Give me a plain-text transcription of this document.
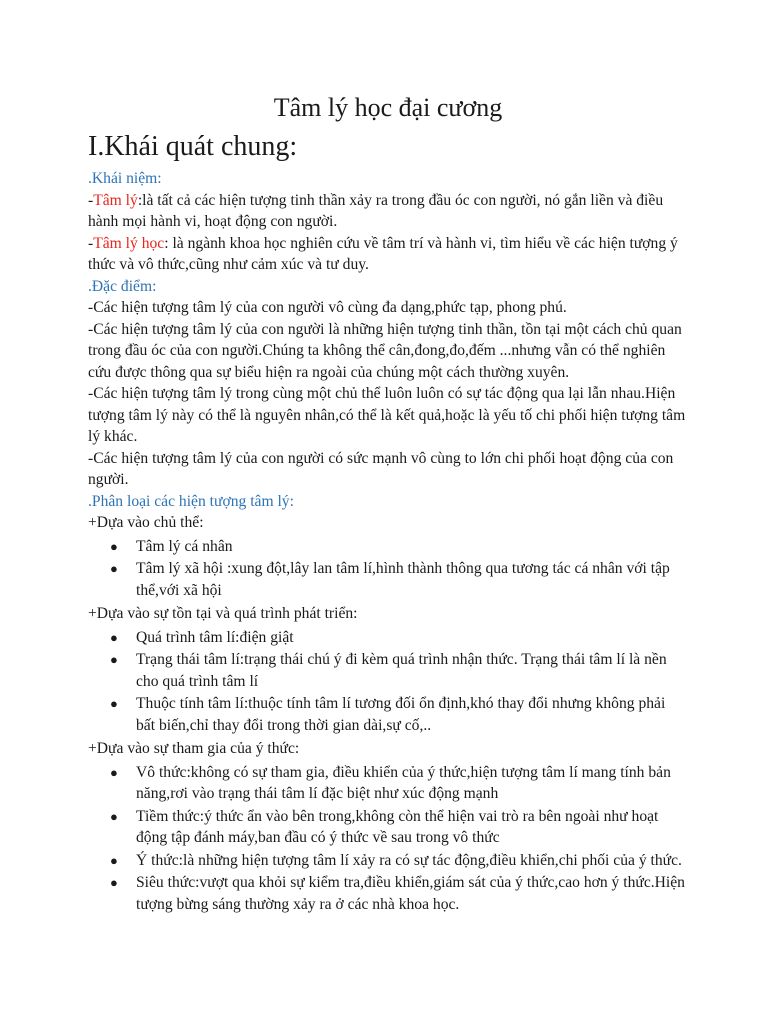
Tâm lý học đại cương
I.Khái quát chung:

.Khái niệm:

-Tâm lý:là tất cả các hiện tượng tinh thần xảy ra trong đầu óc con người, nó gắn liền và điều hành mọi hành vi, hoạt động con người.

-Tâm lý học: là ngành khoa học nghiên cứu về tâm trí và hành vi, tìm hiểu về các hiện tượng ý thức và vô thức,cũng như cảm xúc và tư duy.

.Đặc điểm:

-Các hiện tượng tâm lý của con người vô cùng đa dạng,phức tạp, phong phú.

-Các hiện tượng tâm lý của con người là những hiện tượng tinh thần, tồn tại một cách chủ quan trong đầu óc của con người.Chúng ta không thể cân,đong,đo,đếm ...nhưng vẫn có thể nghiên cứu được thông qua sự biểu hiện ra ngoài của chúng một cách thường xuyên.

-Các hiện tượng tâm lý trong cùng một chủ thể luôn luôn có sự tác động qua lại lẫn nhau.Hiện tượng tâm lý này có thể là nguyên nhân,có thể là kết quả,hoặc là yếu tố chi phối hiện tượng tâm lý khác.

-Các hiện tượng tâm lý của con người có sức mạnh vô cùng to lớn chi phối hoạt động của con người.

.Phân loại các hiện tượng tâm lý:

+Dựa vào chủ thể:

● Tâm lý cá nhân
● Tâm lý xã hội :xung đột,lây lan tâm lí,hình thành thông qua tương tác cá nhân với tập thể,với xã hội

+Dựa vào sự tồn tại và quá trình phát triển:

● Quá trình tâm lí:điện giật
● Trạng thái tâm lí:trạng thái chú ý đi kèm quá trình nhận thức. Trạng thái tâm lí là nền cho quá trình tâm lí
● Thuộc tính tâm lí:thuộc tính tâm lí tương đối ổn định,khó thay đổi nhưng không phải bất biến,chỉ thay đổi trong thời gian dài,sự cố,..

+Dựa vào sự tham gia của ý thức:

● Vô thức:không có sự tham gia, điều khiển của ý thức,hiện tượng tâm lí mang tính bản năng,rơi vào trạng thái tâm lí đặc biệt như xúc động mạnh
● Tiềm thức:ý thức ẩn vào bên trong,không còn thể hiện vai trò ra bên ngoài như hoạt động tập đánh máy,ban đầu có ý thức về sau trong vô thức
● Ý thức:là những hiện tượng tâm lí xảy ra có sự tác động,điều khiển,chi phối của ý thức.
● Siêu thức:vượt qua khỏi sự kiểm tra,điều khiển,giám sát của ý thức,cao hơn ý thức.Hiện tượng bừng sáng thường xảy ra ở các nhà khoa học.
